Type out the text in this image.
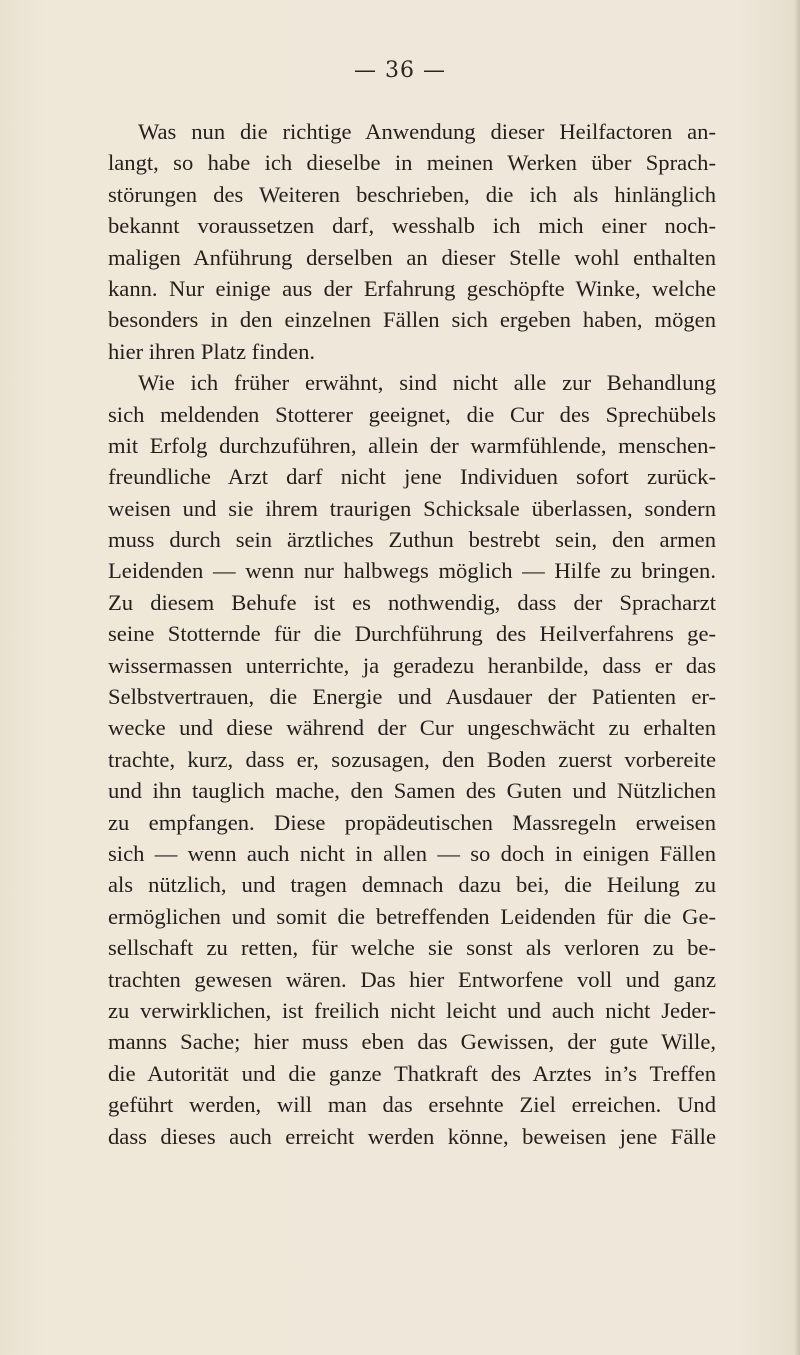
— 36 —
Was nun die richtige Anwendung dieser Heilfactoren an-
langt, so habe ich dieselbe in meinen Werken über Sprach-
störungen des Weiteren beschrieben, die ich als hinlänglich
bekannt voraussetzen darf, wesshalb ich mich einer noch-
maligen Anführung derselben an dieser Stelle wohl enthalten
kann. Nur einige aus der Erfahrung geschöpfte Winke, welche
besonders in den einzelnen Fällen sich ergeben haben, mögen
hier ihren Platz finden.
Wie ich früher erwähnt, sind nicht alle zur Behandlung
sich meldenden Stotterer geeignet, die Cur des Sprechübels
mit Erfolg durchzuführen, allein der warmfühlende, menschen-
freundliche Arzt darf nicht jene Individuen sofort zurück-
weisen und sie ihrem traurigen Schicksale überlassen, sondern
muss durch sein ärztliches Zuthun bestrebt sein, den armen
Leidenden — wenn nur halbwegs möglich — Hilfe zu bringen.
Zu diesem Behufe ist es nothwendig, dass der Spracharzt
seine Stotternde für die Durchführung des Heilverfahrens ge-
wissermassen unterrichte, ja geradezu heranbilde, dass er das
Selbstvertrauen, die Energie und Ausdauer der Patienten er-
wecke und diese während der Cur ungeschwächt zu erhalten
trachte, kurz, dass er, sozusagen, den Boden zuerst vorbereite
und ihn tauglich mache, den Samen des Guten und Nützlichen
zu empfangen. Diese propädeutischen Massregeln erweisen
sich — wenn auch nicht in allen — so doch in einigen Fällen
als nützlich, und tragen demnach dazu bei, die Heilung zu
ermöglichen und somit die betreffenden Leidenden für die Ge-
sellschaft zu retten, für welche sie sonst als verloren zu be-
trachten gewesen wären. Das hier Entworfene voll und ganz
zu verwirklichen, ist freilich nicht leicht und auch nicht Jeder-
manns Sache; hier muss eben das Gewissen, der gute Wille,
die Autorität und die ganze Thatkraft des Arztes in’s Treffen
geführt werden, will man das ersehnte Ziel erreichen. Und
dass dieses auch erreicht werden könne, beweisen jene Fälle
